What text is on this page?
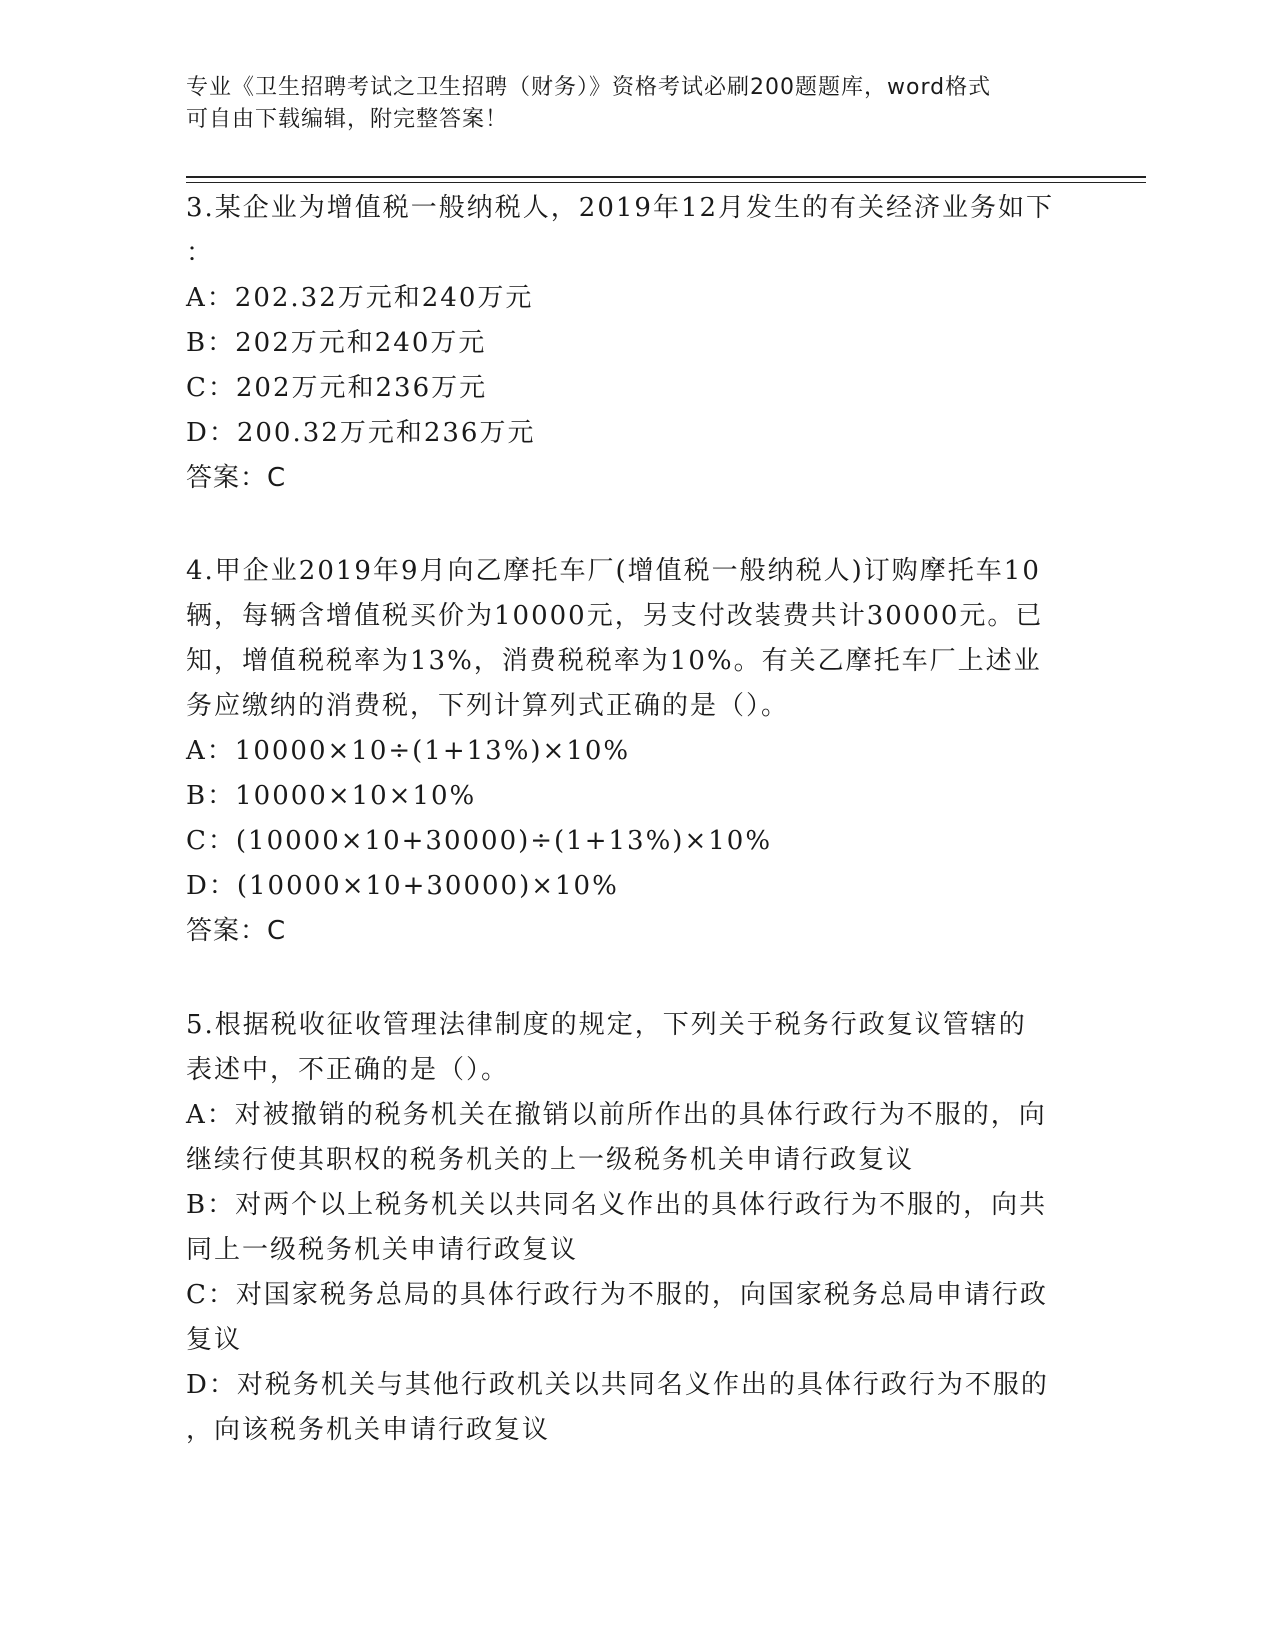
专业《卫生招聘考试之卫生招聘（财务）》资格考试必刷200题题库，word格式
可自由下载编辑，附完整答案！
3.某企业为增值税一般纳税人，2019年12月发生的有关经济业务如下
：
A：202.32万元和240万元
B：202万元和240万元
C：202万元和236万元
D：200.32万元和236万元
答案：C
4.甲企业2019年9月向乙摩托车厂(增值税一般纳税人)订购摩托车10
辆，每辆含增值税买价为10000元，另支付改装费共计30000元。已
知，增值税税率为13%，消费税税率为10%。有关乙摩托车厂上述业
务应缴纳的消费税，下列计算列式正确的是（）。
A：10000×10÷(1+13%)×10%
B：10000×10×10%
C：(10000×10+30000)÷(1+13%)×10%
D：(10000×10+30000)×10%
答案：C
5.根据税收征收管理法律制度的规定，下列关于税务行政复议管辖的
表述中，不正确的是（）。
A：对被撤销的税务机关在撤销以前所作出的具体行政行为不服的，向
继续行使其职权的税务机关的上一级税务机关申请行政复议
B：对两个以上税务机关以共同名义作出的具体行政行为不服的，向共
同上一级税务机关申请行政复议
C：对国家税务总局的具体行政行为不服的，向国家税务总局申请行政
复议
D：对税务机关与其他行政机关以共同名义作出的具体行政行为不服的
，向该税务机关申请行政复议
